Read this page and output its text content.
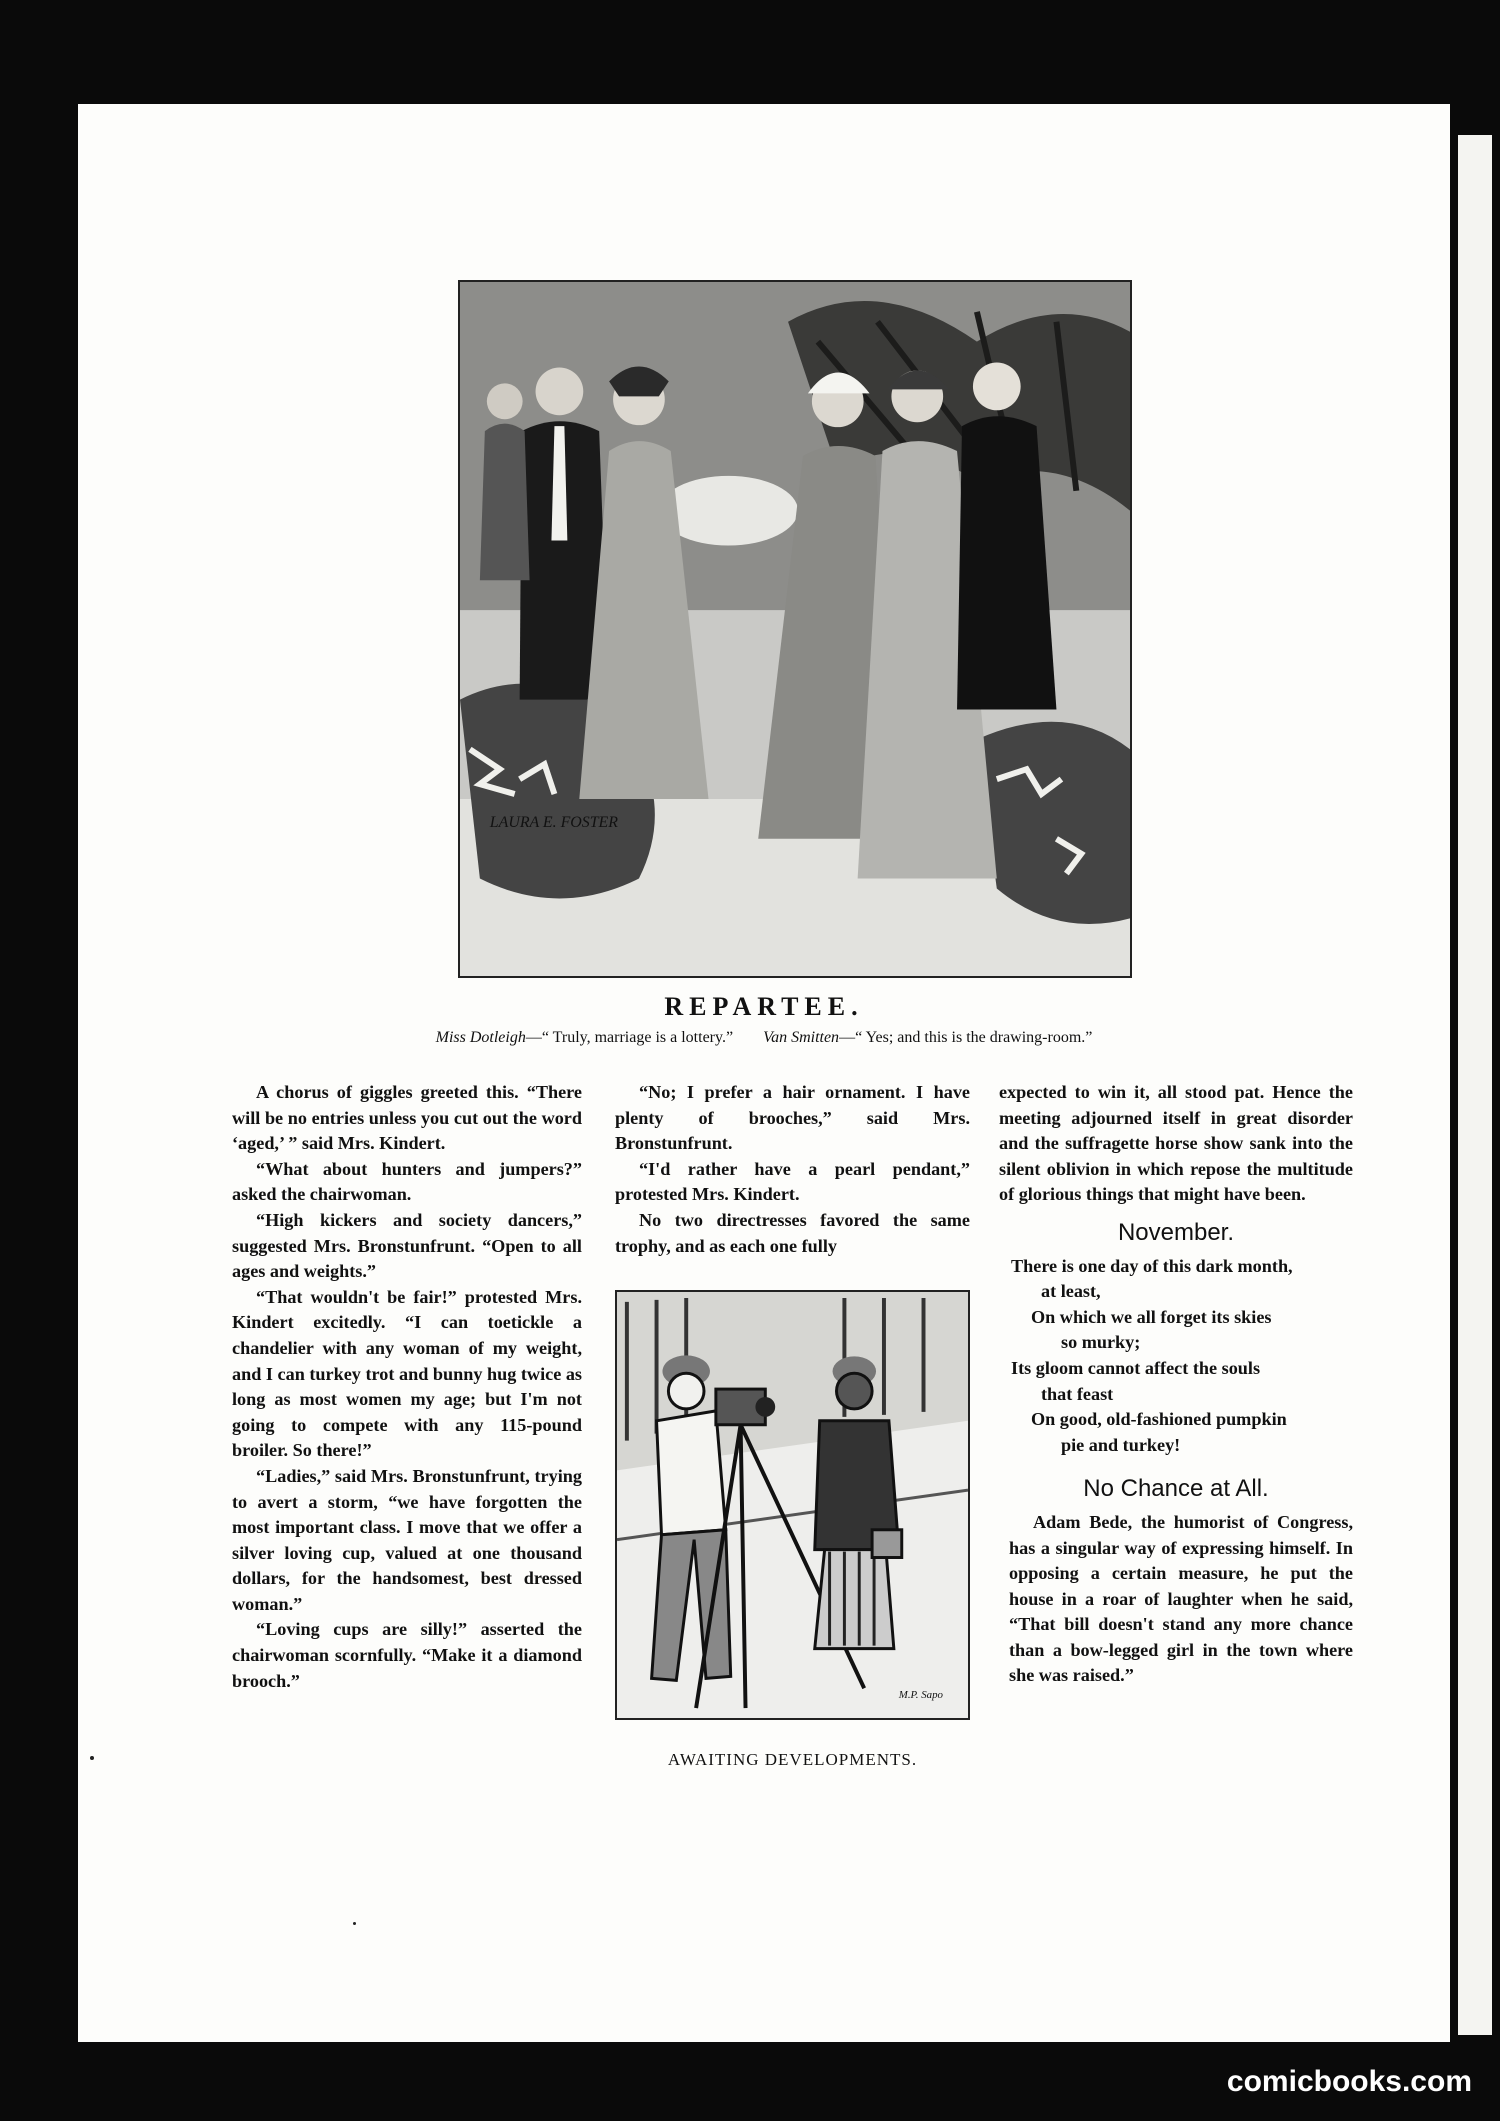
LAURA E. FOSTER
REPARTEE.
Miss Dotleigh—“ Truly, marriage is a lottery.” Van Smitten—“ Yes; and this is the drawing-room.”

A chorus of giggles greeted this. “There will be no entries unless you cut out the word ‘aged,’ ” said Mrs. Kindert.

“What about hunters and jumpers?” asked the chairwoman.

“High kickers and society dancers,” suggested Mrs. Bronstunfrunt. “Open to all ages and weights.”

“That wouldn't be fair!” protested Mrs. Kindert excitedly. “I can toetickle a chandelier with any woman of my weight, and I can turkey trot and bunny hug twice as long as most women my age; but I'm not going to compete with any 115-pound broiler. So there!”

“Ladies,” said Mrs. Bronstunfrunt, trying to avert a storm, “we have forgotten the most important class. I move that we offer a silver loving cup, valued at one thousand dollars, for the handsomest, best dressed woman.”

“Loving cups are silly!” asserted the chairwoman scornfully. “Make it a diamond brooch.”

“No; I prefer a hair ornament. I have plenty of brooches,” said Mrs. Bronstunfrunt.

“I'd rather have a pearl pendant,” protested Mrs. Kindert.

No two directresses favored the same trophy, and as each one fully

M.P. Sapo
AWAITING DEVELOPMENTS.

expected to win it, all stood pat. Hence the meeting adjourned itself in great disorder and the suffragette horse show sank into the silent oblivion in which repose the multitude of glorious things that might have been.

November.
There is one day of this dark month,
at least,
On which we all forget its skies
so murky;
Its gloom cannot affect the souls
that feast
On good, old-fashioned pumpkin
pie and turkey!
No Chance at All.

Adam Bede, the humorist of Congress, has a singular way of expressing himself. In opposing a certain measure, he put the house in a roar of laughter when he said, “That bill doesn't stand any more chance than a bow-legged girl in the town where she was raised.”

comicbooks.com
